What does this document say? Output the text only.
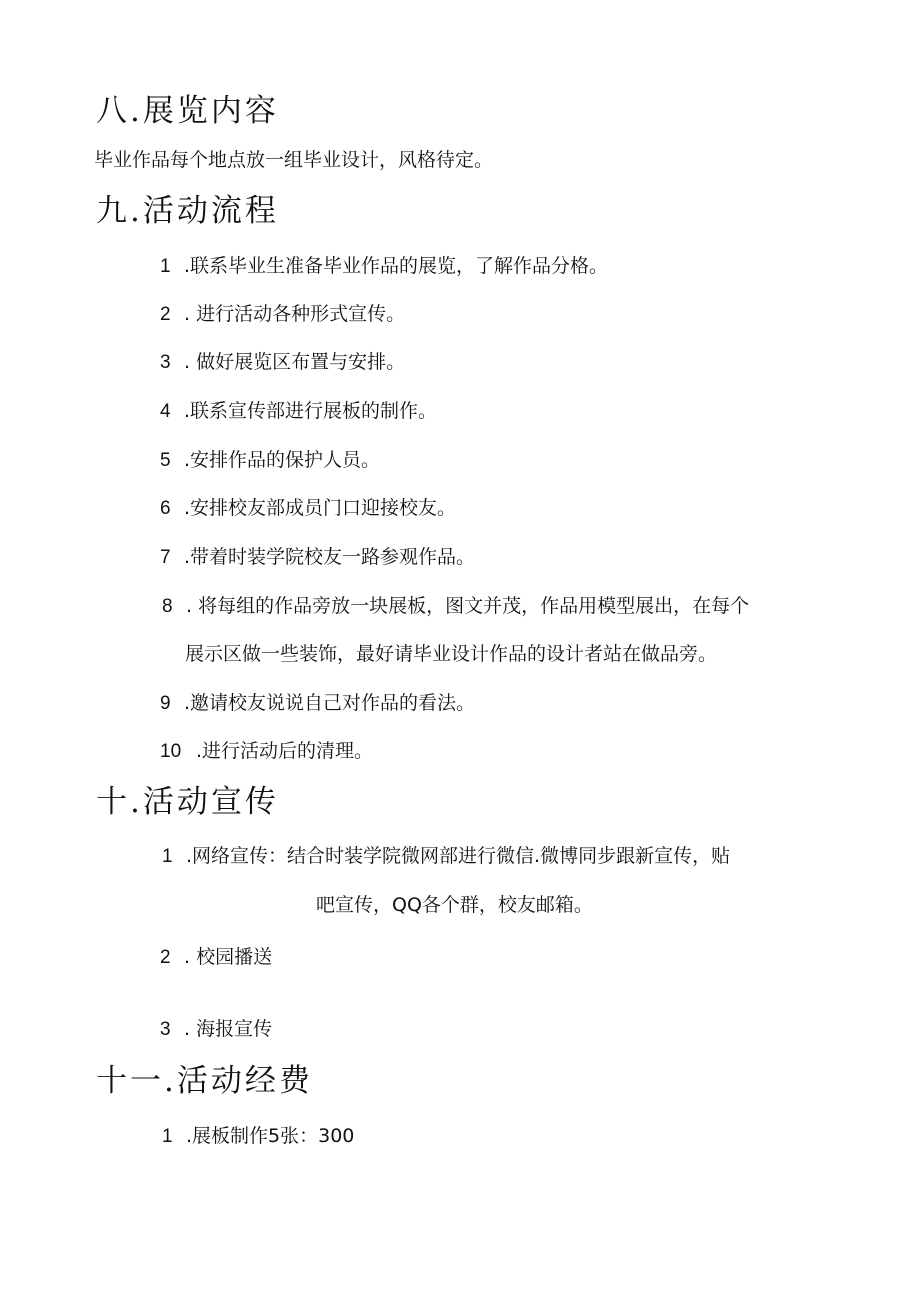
八.展览内容
毕业作品每个地点放一组毕业设计，风格待定。
九.活动流程
1 .联系毕业生准备毕业作品的展览，了解作品分格。
2 . 进行活动各种形式宣传。
3 . 做好展览区布置与安排。
4 .联系宣传部进行展板的制作。
5 .安排作品的保护人员。
6 .安排校友部成员门口迎接校友。
7 .带着时装学院校友一路参观作品。
8 . 将每组的作品旁放一块展板，图文并茂，作品用模型展出，在每个
展示区做一些装饰，最好请毕业设计作品的设计者站在做品旁。
9 .邀请校友说说自己对作品的看法。
10 .进行活动后的清理。
十.活动宣传
1 .网络宣传：结合时装学院微网部进行微信.微博同步跟新宣传，贴
吧宣传，QQ各个群，校友邮箱。
2 . 校园播送
3 . 海报宣传
十一.活动经费
1 .展板制作5张：300
